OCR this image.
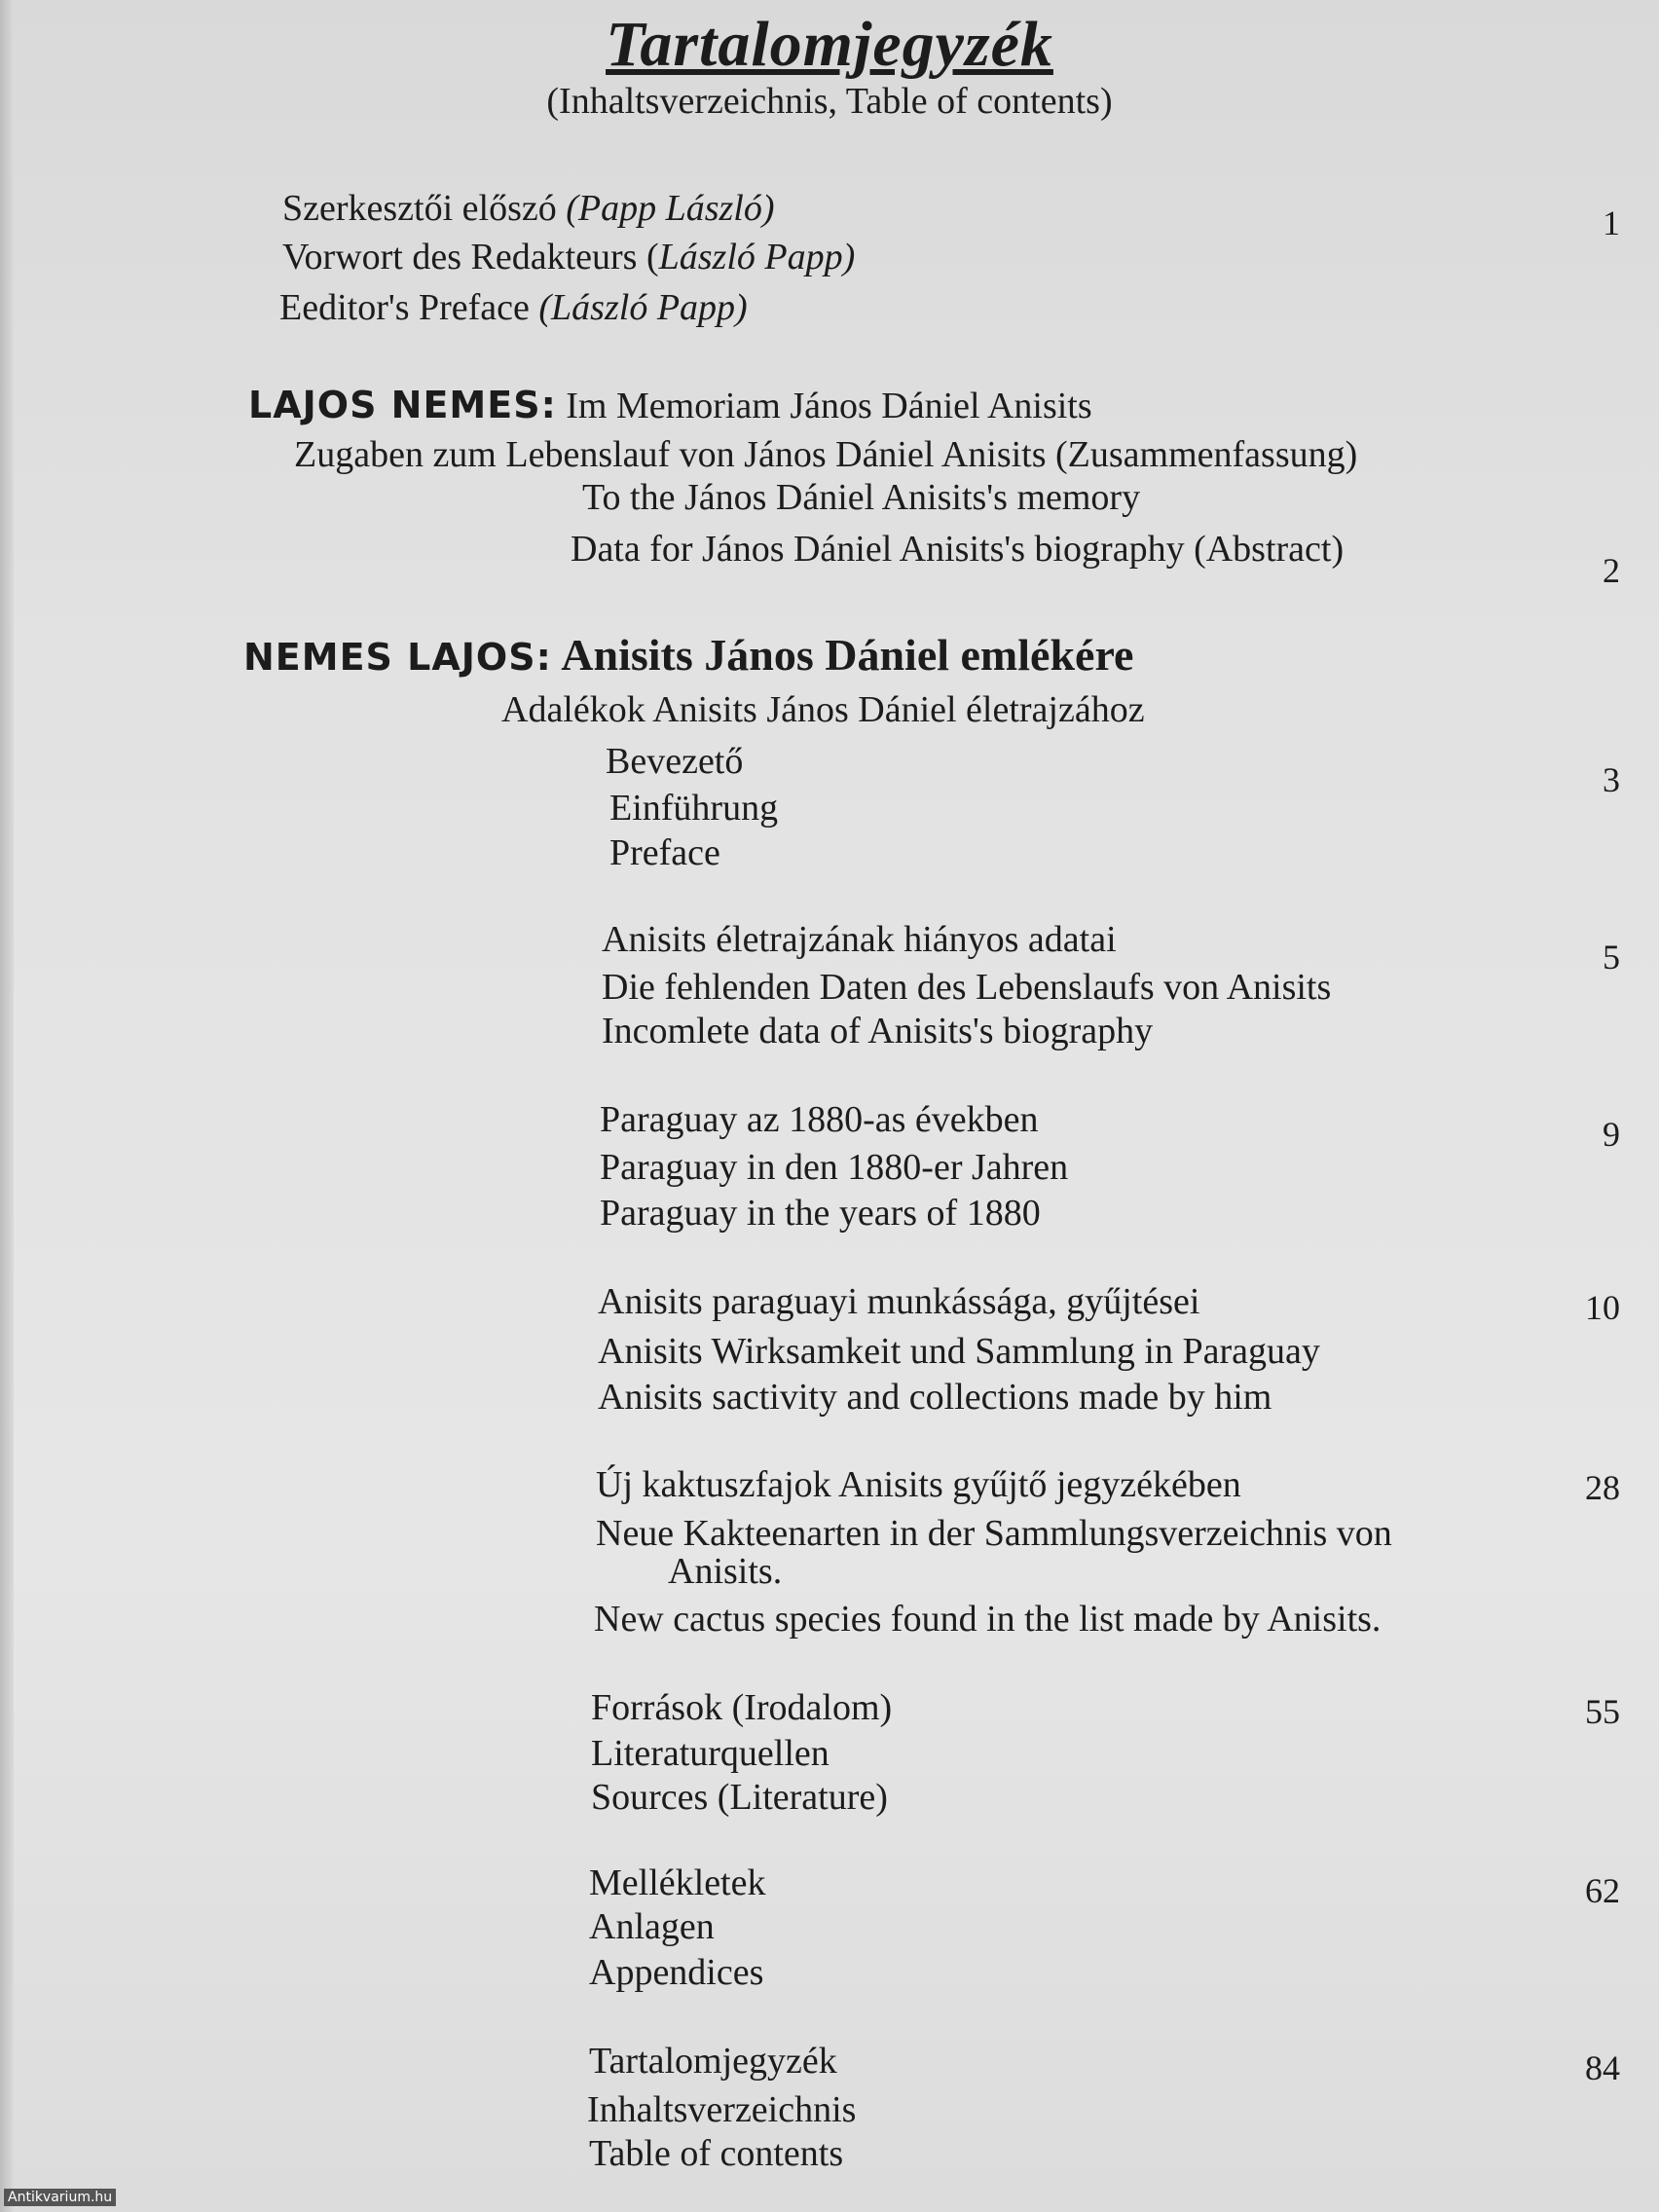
Tartalomjegyzék
(Inhaltsverzeichnis, Table of contents)
Szerkesztői előszó (Papp László)
Vorwort des Redakteurs (László Papp)
Eeditor's Preface (László Papp)
1
LAJOS NEMES: Im Memoriam János Dániel Anisits
Zugaben zum Lebenslauf von János Dániel Anisits (Zusammenfassung)
To the János Dániel Anisits's memory
Data for János Dániel Anisits's biography (Abstract)
2
NEMES LAJOS: Anisits János Dániel emlékére
Adalékok Anisits János Dániel életrajzához
Bevezető
Einführung
Preface
3
Anisits életrajzának hiányos adatai
Die fehlenden Daten des Lebenslaufs von Anisits
Incomlete data of Anisits's biography
5
Paraguay az 1880-as években
Paraguay in den 1880-er Jahren
Paraguay in the years of 1880
9
Anisits paraguayi munkássága, gyűjtései
Anisits Wirksamkeit und Sammlung in Paraguay
Anisits sactivity and collections made by him
10
Új kaktuszfajok Anisits gyűjtő jegyzékében
Neue Kakteenarten in der Sammlungsverzeichnis von
Anisits.
New cactus species found in the list made by Anisits.
28
Források (Irodalom)
Literaturquellen
Sources (Literature)
55
Mellékletek
Anlagen
Appendices
62
Tartalomjegyzék
Inhaltsverzeichnis
Table of contents
84
Antikvarium.hu
